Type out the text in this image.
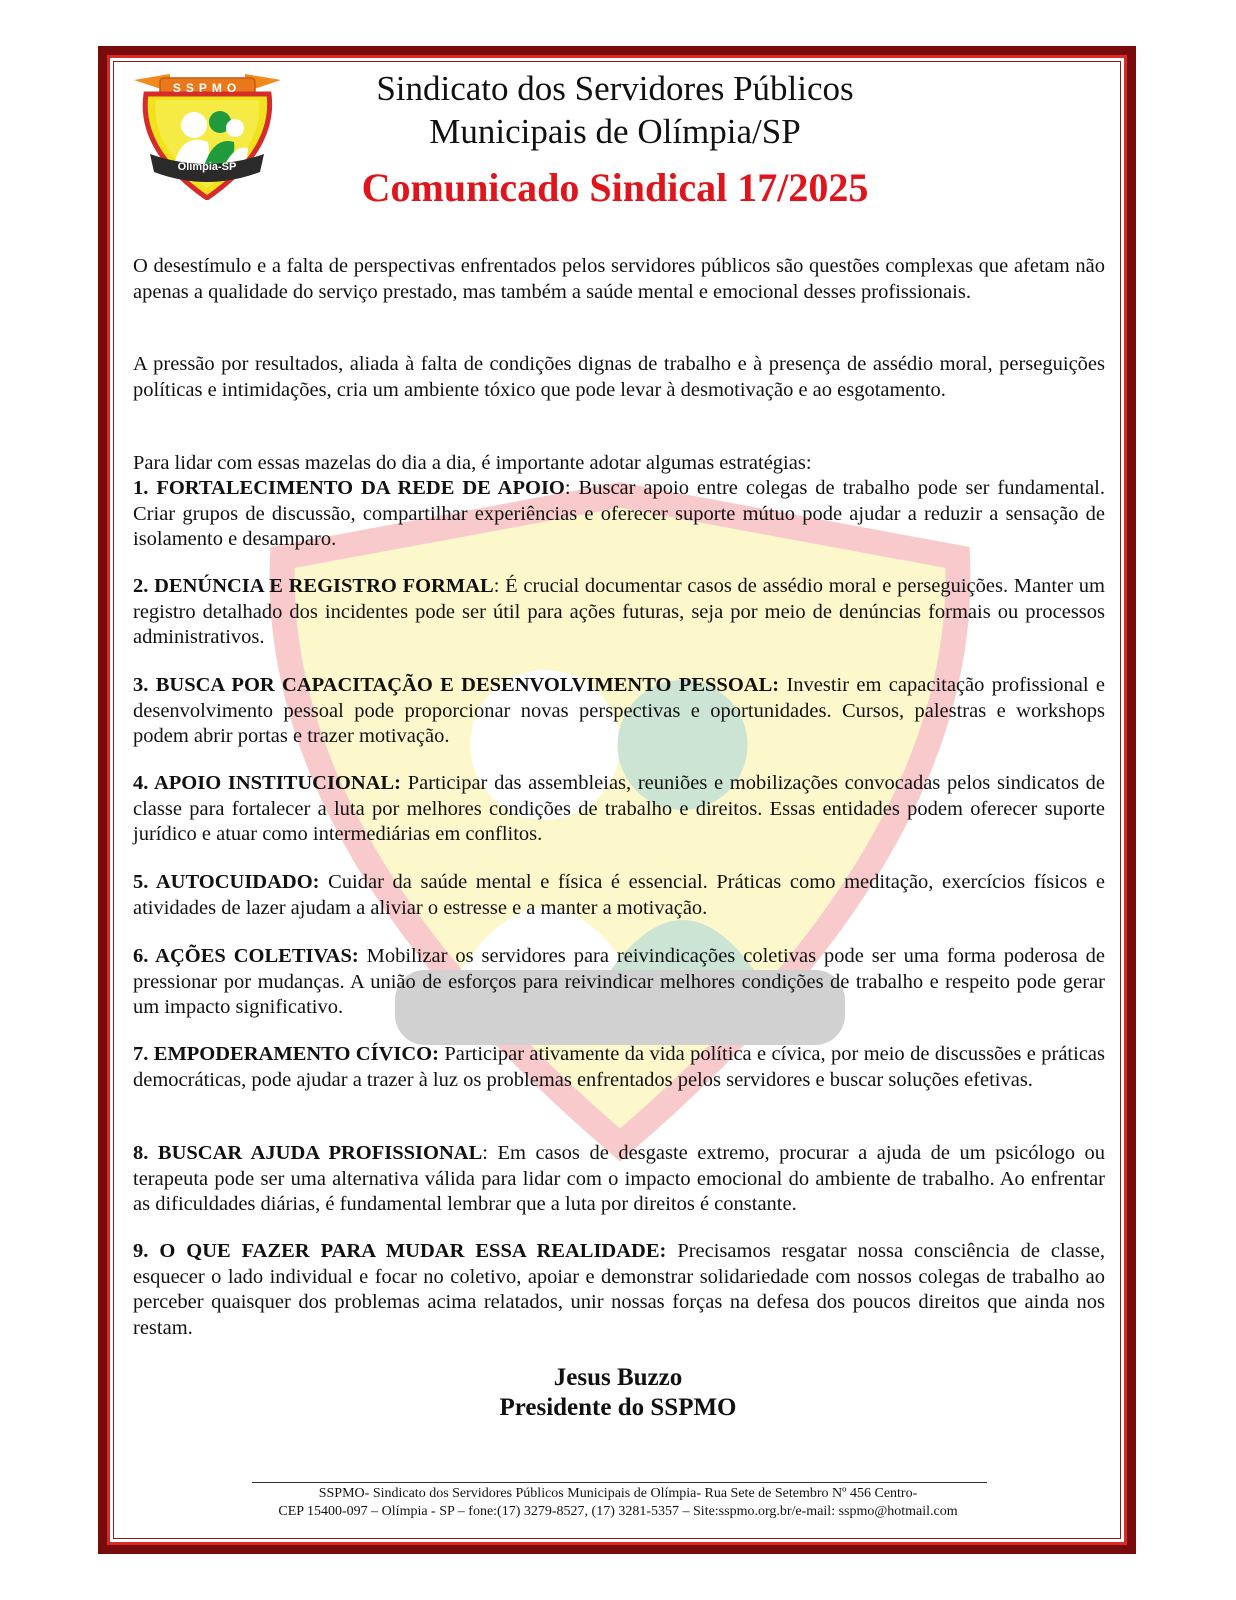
SSPMO
Olímpia-SP
Sindicato dos Servidores Públicos
Municipais de Olímpia/SP
Comunicado Sindical 17/2025
O desestímulo e a falta de perspectivas enfrentados pelos servidores públicos são questões complexas que afetam não apenas a qualidade do serviço prestado, mas também a saúde mental e emocional desses profissionais.
A pressão por resultados, aliada à falta de condições dignas de trabalho e à presença de assédio moral, perseguições políticas e intimidações, cria um ambiente tóxico que pode levar à desmotivação e ao esgotamento.
Para lidar com essas mazelas do dia a dia, é importante adotar algumas estratégias:
1. FORTALECIMENTO DA REDE DE APOIO: Buscar apoio entre colegas de trabalho pode ser fundamental. Criar grupos de discussão, compartilhar experiências e oferecer suporte mútuo pode ajudar a reduzir a sensação de isolamento e desamparo.
2. DENÚNCIA E REGISTRO FORMAL: É crucial documentar casos de assédio moral e perseguições. Manter um registro detalhado dos incidentes pode ser útil para ações futuras, seja por meio de denúncias formais ou processos administrativos.
3. BUSCA POR CAPACITAÇÃO E DESENVOLVIMENTO PESSOAL: Investir em capacitação profissional e desenvolvimento pessoal pode proporcionar novas perspectivas e oportunidades. Cursos, palestras e workshops podem abrir portas e trazer motivação.
4. APOIO INSTITUCIONAL: Participar das assembleias, reuniões e mobilizações convocadas pelos sindicatos de classe para fortalecer a luta por melhores condições de trabalho e direitos. Essas entidades podem oferecer suporte jurídico e atuar como intermediárias em conflitos.
5. AUTOCUIDADO: Cuidar da saúde mental e física é essencial. Práticas como meditação, exercícios físicos e atividades de lazer ajudam a aliviar o estresse e a manter a motivação.
6. AÇÕES COLETIVAS: Mobilizar os servidores para reivindicações coletivas pode ser uma forma poderosa de pressionar por mudanças. A união de esforços para reivindicar melhores condições de trabalho e respeito pode gerar um impacto significativo.
7. EMPODERAMENTO CÍVICO: Participar ativamente da vida política e cívica, por meio de discussões e práticas democráticas, pode ajudar a trazer à luz os problemas enfrentados pelos servidores e buscar soluções efetivas.
8. BUSCAR AJUDA PROFISSIONAL: Em casos de desgaste extremo, procurar a ajuda de um psicólogo ou terapeuta pode ser uma alternativa válida para lidar com o impacto emocional do ambiente de trabalho. Ao enfrentar as dificuldades diárias, é fundamental lembrar que a luta por direitos é constante.
9. O QUE FAZER PARA MUDAR ESSA REALIDADE: Precisamos resgatar nossa consciência de classe, esquecer o lado individual e focar no coletivo, apoiar e demonstrar solidariedade com nossos colegas de trabalho ao perceber quaisquer dos problemas acima relatados, unir nossas forças na defesa dos poucos direitos que ainda nos restam.
Jesus Buzzo
Presidente do SSPMO
SSPMO- Sindicato dos Servidores Públicos Municipais de Olímpia- Rua Sete de Setembro Nº 456 Centro-
CEP 15400-097 – Olímpia - SP – fone:(17) 3279-8527, (17) 3281-5357 – Site:sspmo.org.br/e-mail: sspmo@hotmail.com
